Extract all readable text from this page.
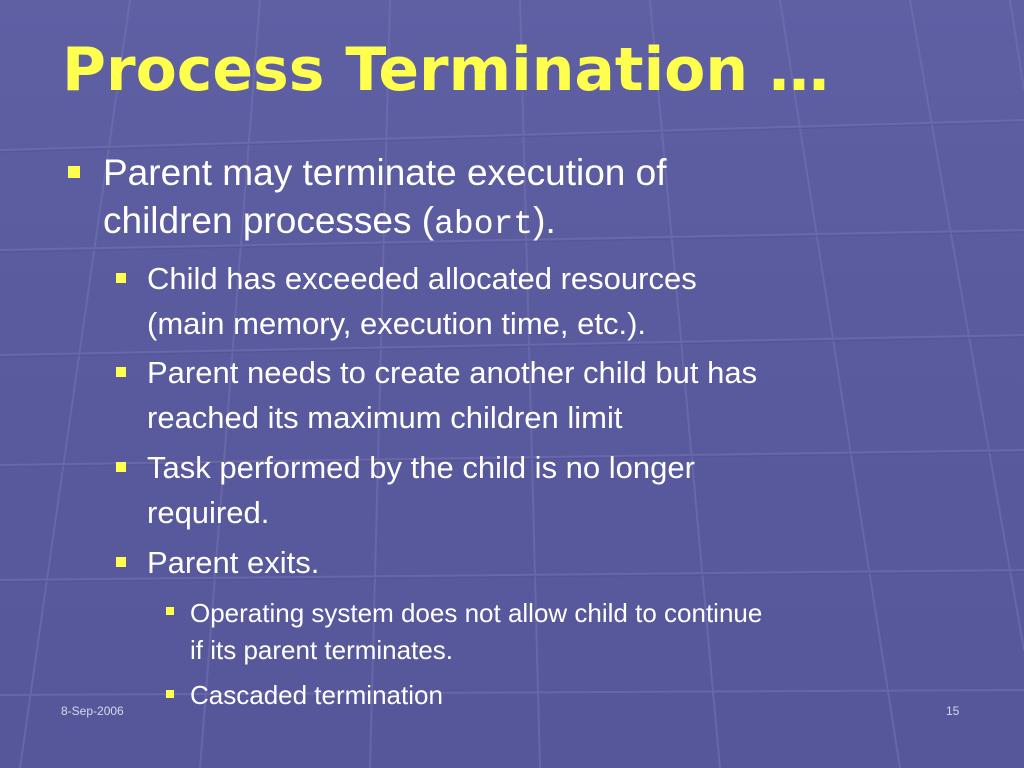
Process Termination …
Parent may terminate execution of
children processes (abort).
Child has exceeded allocated resources
(main memory, execution time, etc.).
Parent needs to create another child but has
reached its maximum children limit
Task performed by the child is no longer
required.
Parent exits.
Operating system does not allow child to continue
if its parent terminates.
Cascaded termination
8-Sep-2006	15
